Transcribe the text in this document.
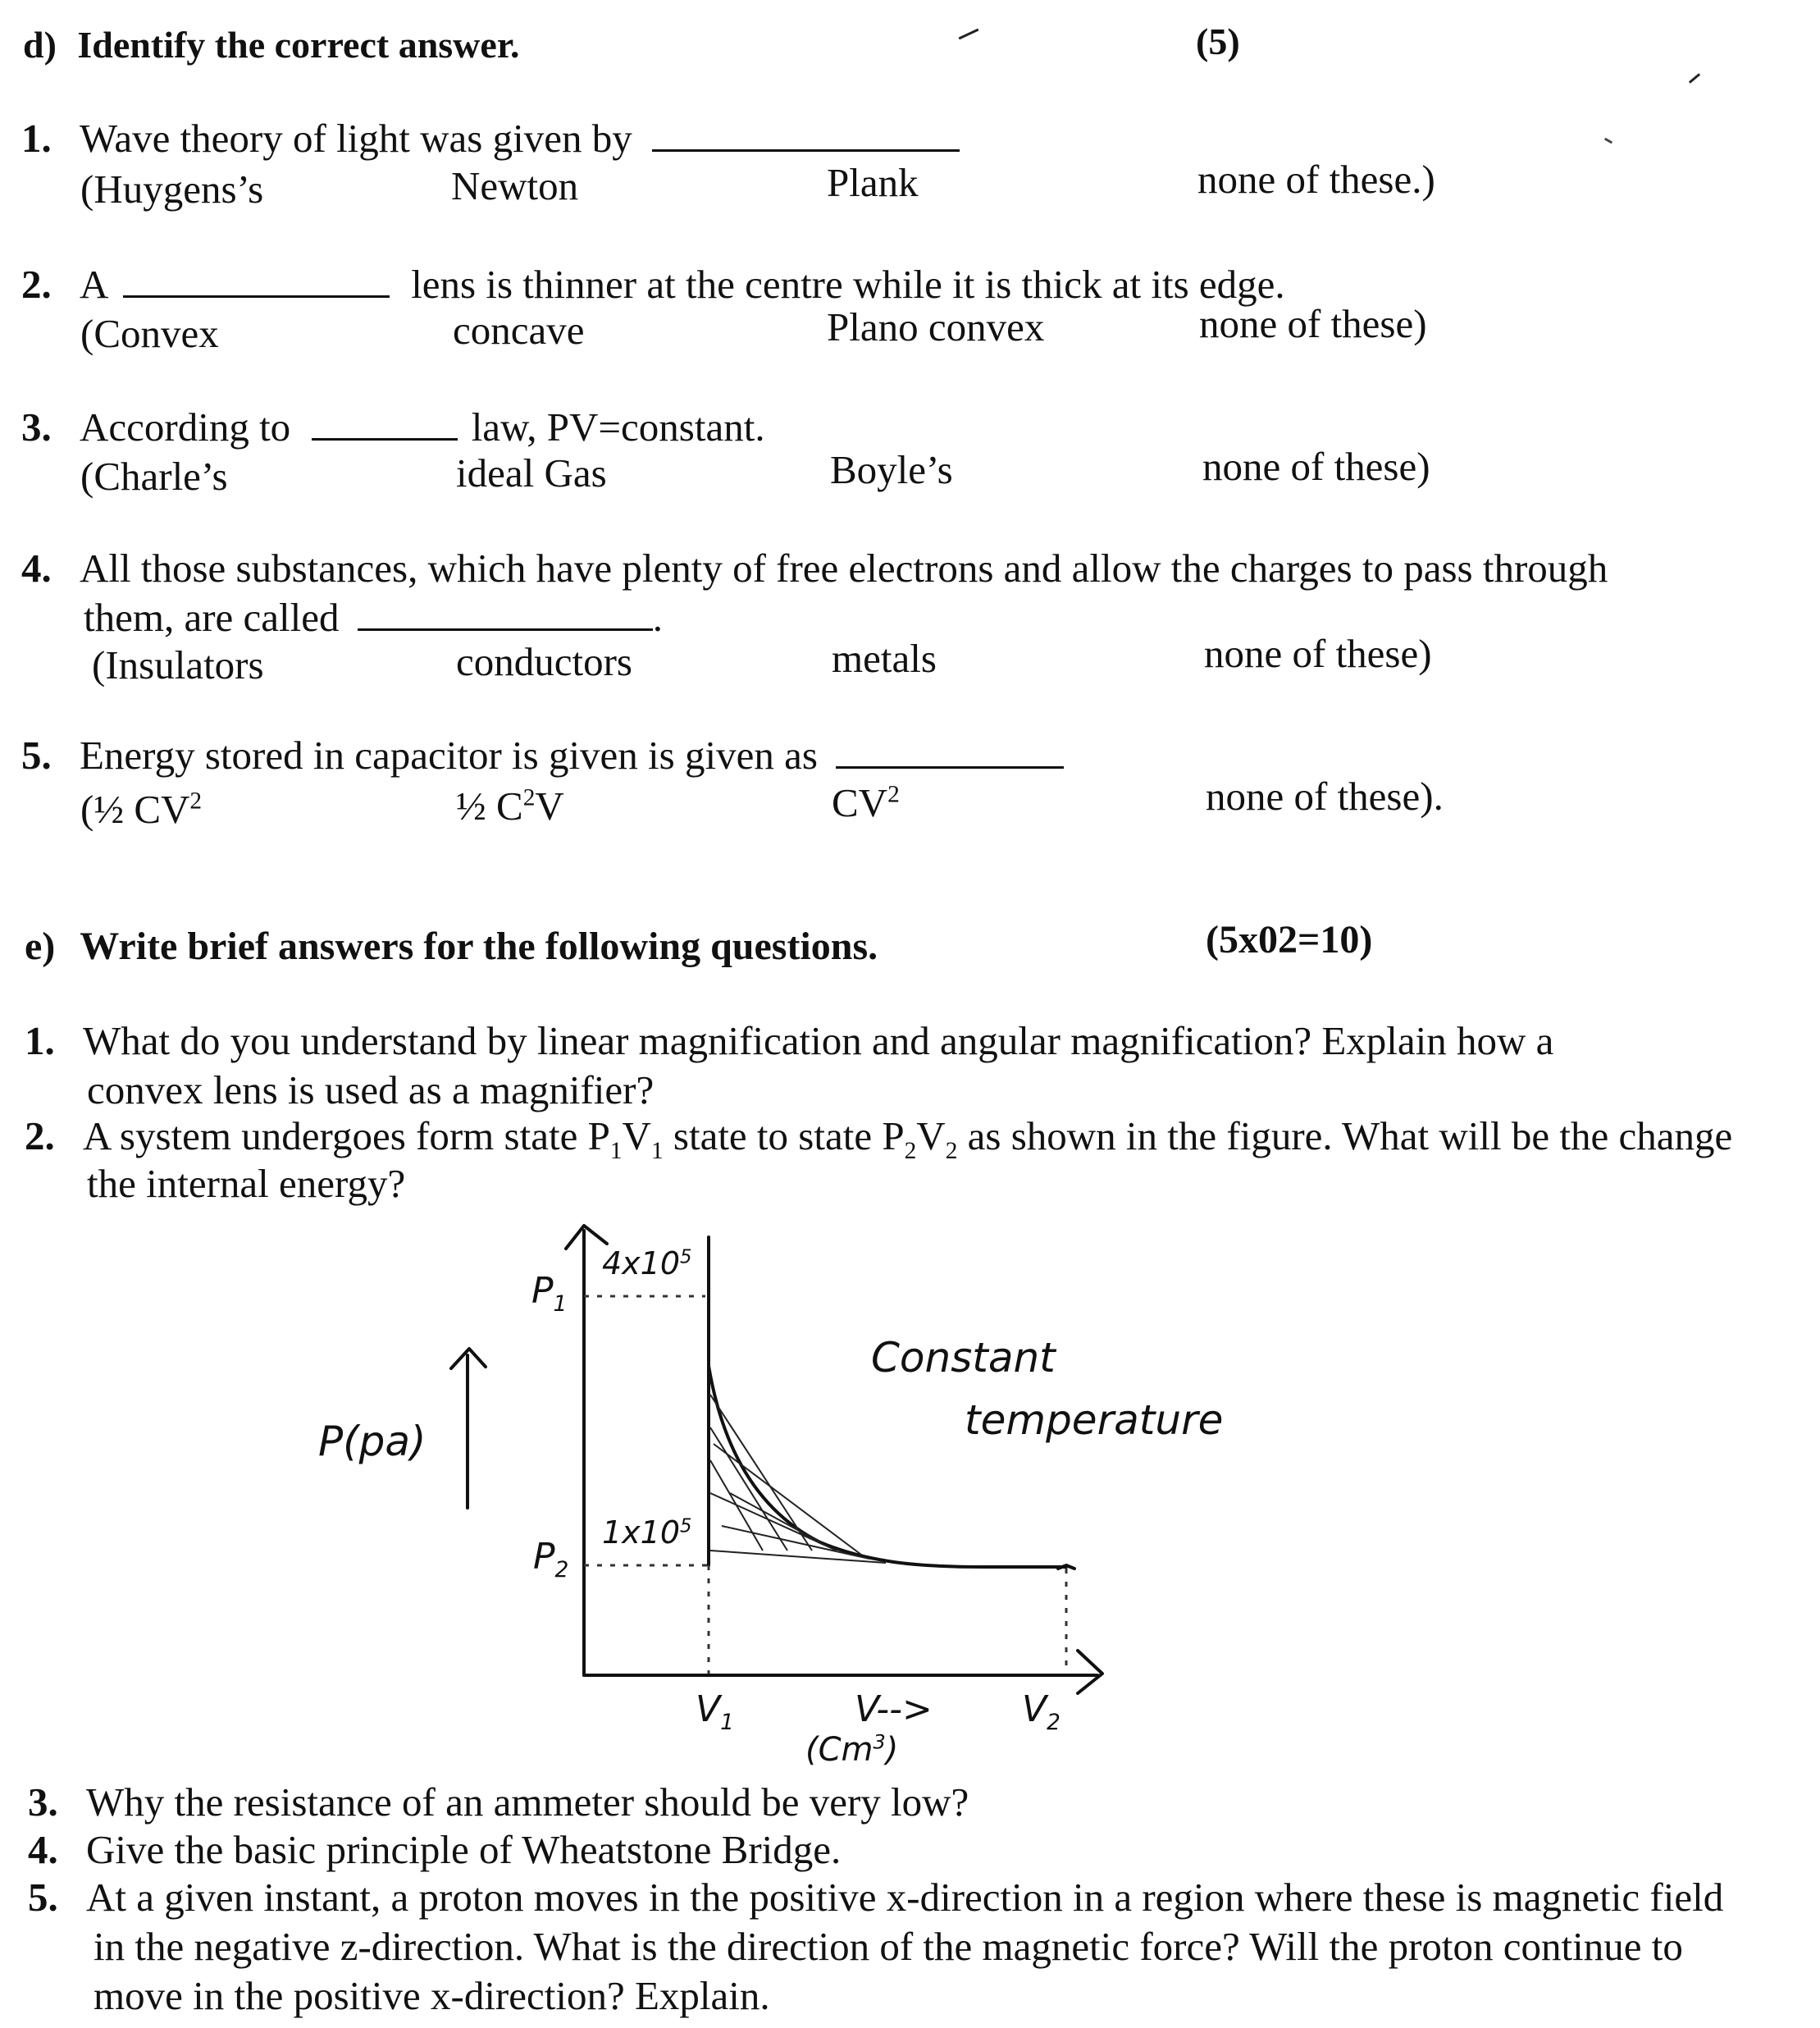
d) Identify the correct answer.	(5)
1. Wave theory of light was given by
(Huygens’s	Newton	Plank	none of these.)
2. A	lens is thinner at the centre while it is thick at its edge.
(Convex	concave	Plano convex	none of these)
3. According to	law, PV=constant.
(Charle’s	ideal Gas	Boyle’s	none of these)
4. All those substances, which have plenty of free electrons and allow the charges to pass through
them, are called	.
(Insulators	conductors	metals	none of these)
5. Energy stored in capacitor is given is given as
(½ $CV^2$	½ $C^2V$	$CV^2$	none of these).
e) Write brief answers for the following questions.	(5x02=10)
1. What do you understand by linear magnification and angular magnification? Explain how a
convex lens is used as a magnifier?
2. A system undergoes form state $P_1V_1$ state to state $P_2V_2$ as shown in the figure. What will be the change
the internal energy?
$P_1$
$4x10^5$
$P_2$
$1x10^5$
P(pa)
$V_1$	V-->
$(Cm^3)$
$V_2$
Constant
temperature
3. Why the resistance of an ammeter should be very low?
4. Give the basic principle of Wheatstone Bridge.
5. At a given instant, a proton moves in the positive x-direction in a region where these is magnetic field
in the negative z-direction. What is the direction of the magnetic force? Will the proton continue to
move in the positive x-direction? Explain.
